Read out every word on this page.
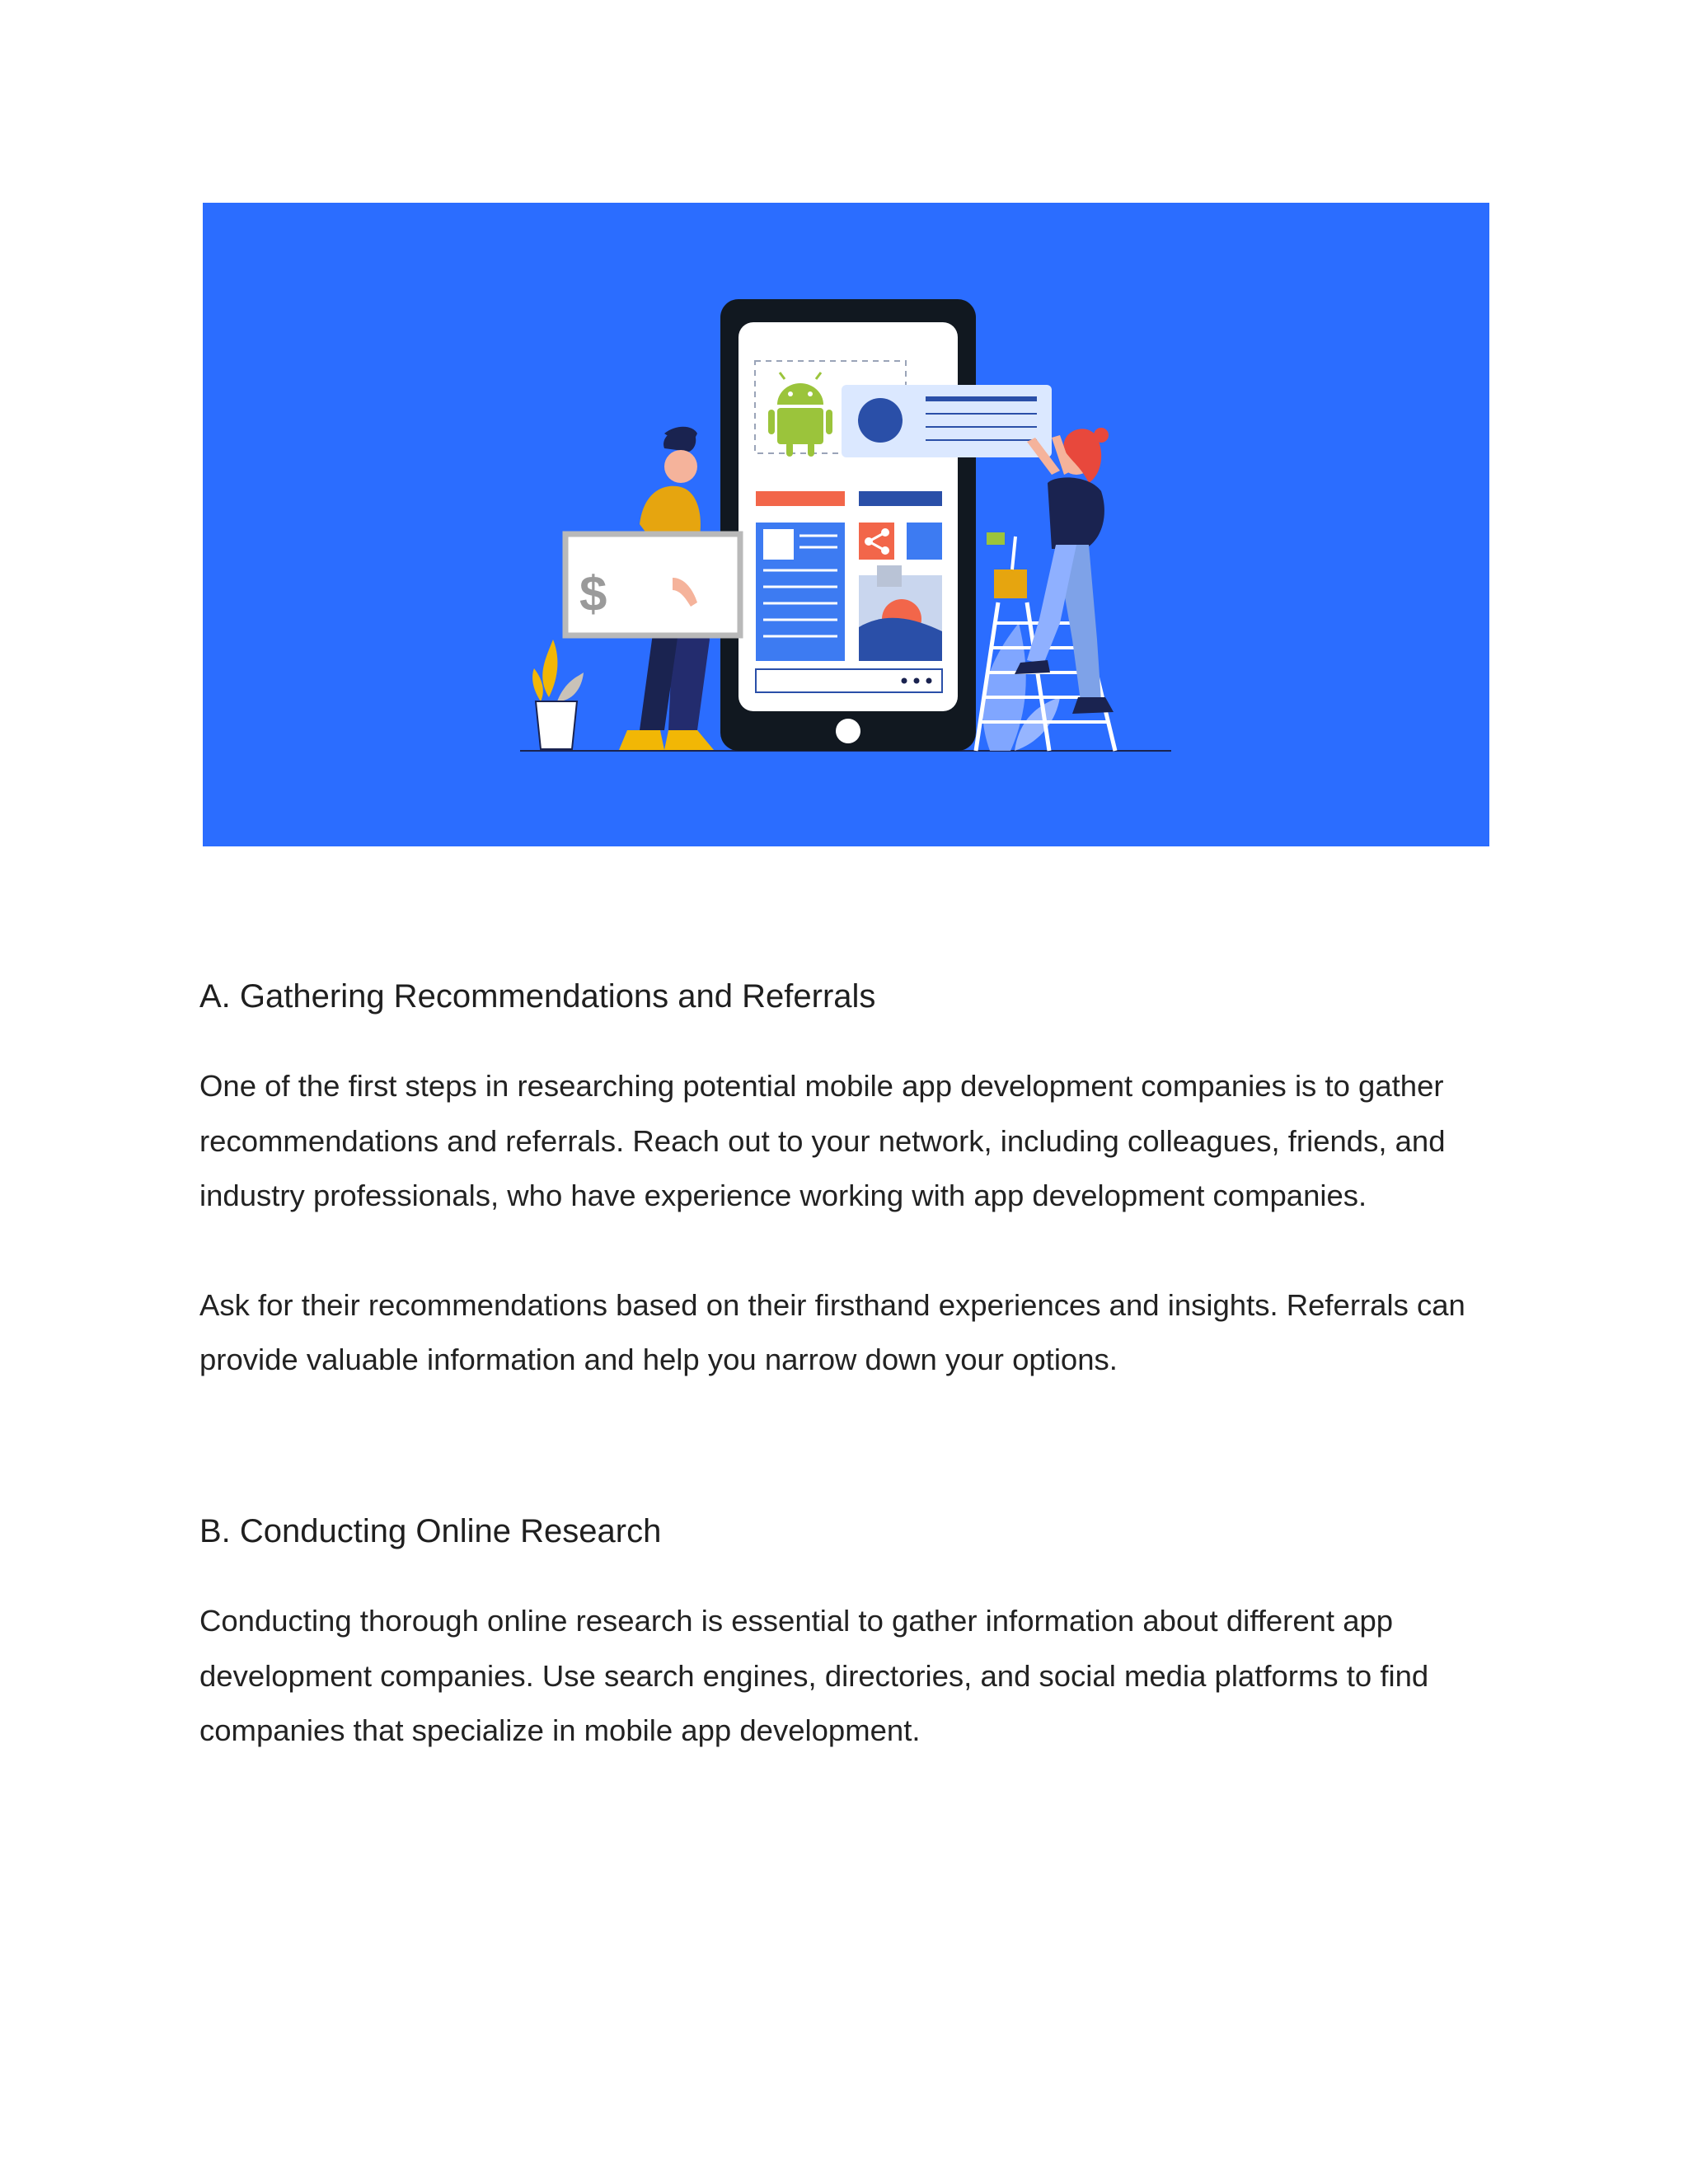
$
A. Gathering Recommendations and Referrals

One of the first steps in researching potential mobile app development companies is to gather recommendations and referrals. Reach out to your network, including colleagues, friends, and industry professionals, who have experience working with app development companies.

Ask for their recommendations based on their firsthand experiences and insights. Referrals can provide valuable information and help you narrow down your options.

B. Conducting Online Research

Conducting thorough online research is essential to gather information about different app development companies. Use search engines, directories, and social media platforms to find companies that specialize in mobile app development.
